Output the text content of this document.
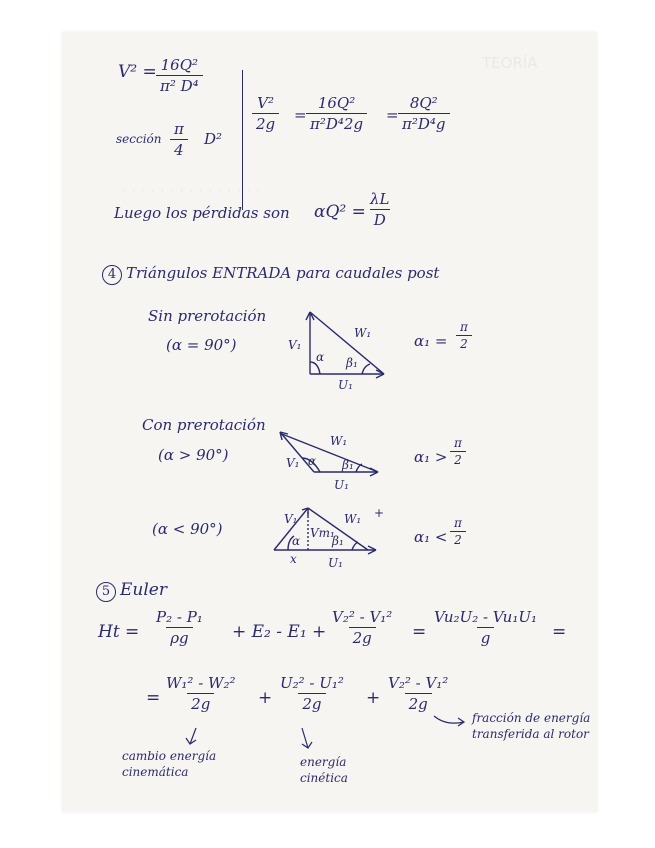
TEORÍA
· · · · · · · · · · · · · · ·
$V^2 = \frac{\text{16Q²}}{\text{π² D⁴}}$
sección $\frac{\pi}{4} D^2$
$\frac{\text{V²}}{2g} = \frac{\text{16Q²}}{\text{π²D⁴2g}} = \frac{\text{8Q²}}{\text{π²D⁴g}}$
Luego los pérdidas son $\alpha Q^2 = \frac{\lambda L}{D}$
4 Triángulos ENTRADA para caudales post
Sin prerotación
(α = 90°)	$\alpha_1 = \frac{\pi}{2}$
V₁
W₁
α β₁
U₁
Con prerotación
(α > 90°)	$\alpha_1 > \frac{\pi}{2}$
V₁
W₁
α β₁
U₁
(α < 90°)	$\alpha_1 < \frac{\pi}{2}$
V₁	W₁ +
α
Vm₁
β₁
x	U₁
5 Euler
$Ht = \frac{\text{P₂ - P₁}}{\rho g} + E_2 - E_1 + \frac{\text{V₂² - V₁²}}{2g} = \frac{\text{Vu₂U₂ - Vu₁U₁}}{g}$ =
= $\frac{\text{W₁² - W₂²}}{2g} + \frac{\text{U₂² - U₁²}}{2g} + \frac{\text{V₂² - V₁²}}{2g}$
cambio energía cinemática
energía cinética
fracción de energía transferida al rotor
